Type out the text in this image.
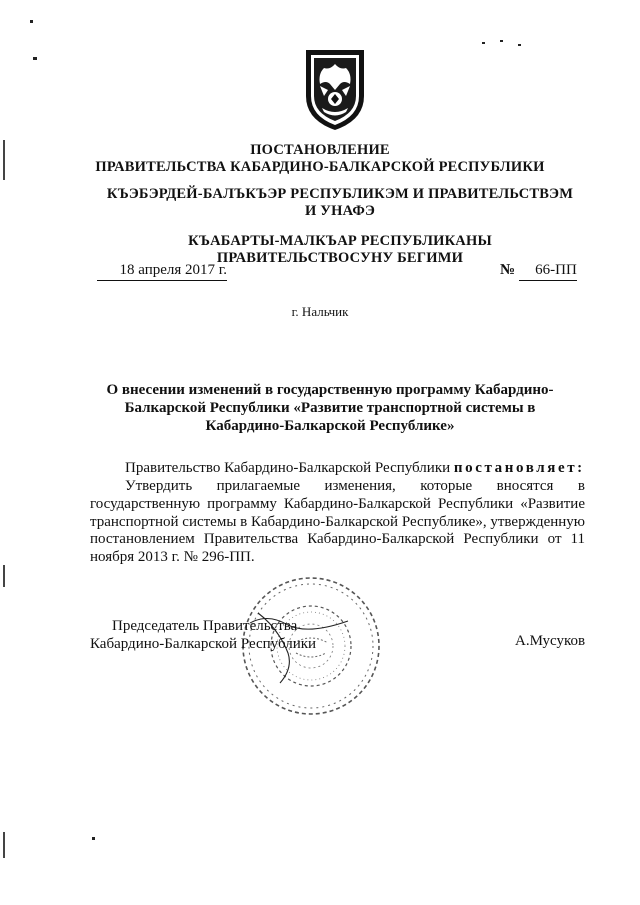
ПОСТАНОВЛЕНИЕ
ПРАВИТЕЛЬСТВА КАБАРДИНО-БАЛКАРСКОЙ РЕСПУБЛИКИ
КЪЭБЭРДЕЙ-БАЛЪКЪЭР РЕСПУБЛИКЭМ И ПРАВИТЕЛЬСТВЭМ И УНАФЭ
КЪАБАРТЫ-МАЛКЪАР РЕСПУБЛИКАНЫ ПРАВИТЕЛЬСТВОСУНУ БЕГИМИ
18 апреля 2017 г.	№ 66-ПП
г. Нальчик
О внесении изменений в государственную программу Кабардино-Балкарской Республики «Развитие транспортной системы в Кабардино-Балкарской Республике»
Правительство Кабардино-Балкарской Республики постановляет:
Утвердить прилагаемые изменения, которые вносятся в государственную программу Кабардино-Балкарской Республики «Развитие транспортной системы в Кабардино-Балкарской Республике», утвержденную постановлением Правительства Кабардино-Балкарской Республики от 11 ноября 2013 г. № 296-ПП.
Председатель Правительства
Кабардино-Балкарской Республики	А.Мусуков
